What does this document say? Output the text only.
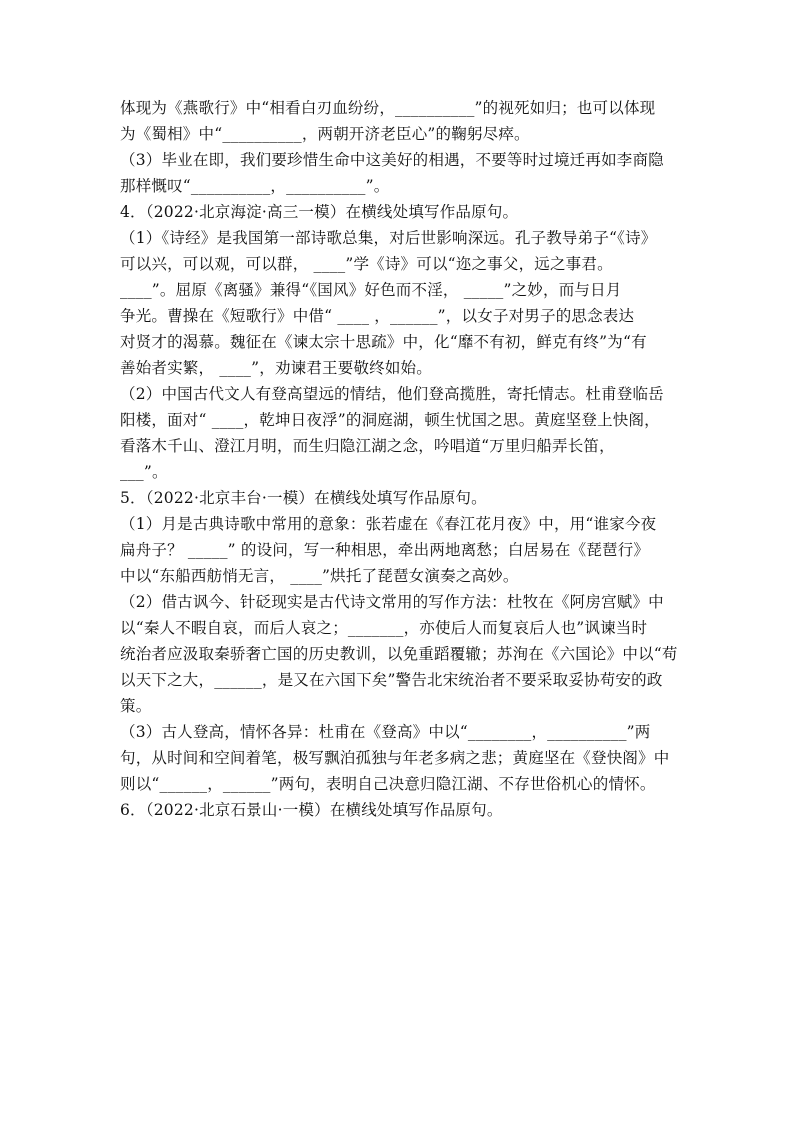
体现为《燕歌行》中“相看白刃血纷纷，__________”的视死如归；也可以体现

为《蜀相》中“__________，两朝开济老臣心”的鞠躬尽瘁。

（3）毕业在即，我们要珍惜生命中这美好的相遇，不要等时过境迁再如李商隐

那样慨叹“__________，__________”。

4．（2022·北京海淀·高三一模）在横线处填写作品原句。

（1）《诗经》是我国第一部诗歌总集，对后世影响深远。孔子教导弟子“《诗》

可以兴，可以观，可以群， ____”学《诗》可以“迩之事父，远之事君。

____”。屈原《离骚》兼得“《国风》好色而不淫， _____”之妙，而与日月

争光。曹操在《短歌行》中借“ ____ ，______”，以女子对男子的思念表达

对贤才的渴慕。魏征在《谏太宗十思疏》中，化“靡不有初，鲜克有终”为“有

善始者实繁， ____”，劝谏君王要敬终如始。

（2）中国古代文人有登高望远的情结，他们登高揽胜，寄托情志。杜甫登临岳

阳楼，面对“ ____，乾坤日夜浮”的洞庭湖，顿生忧国之思。黄庭坚登上快阁，

看落木千山、澄江月明，而生归隐江湖之念，吟唱道“万里归船弄长笛，

___”。

5．（2022·北京丰台·一模）在横线处填写作品原句。

（1）月是古典诗歌中常用的意象：张若虚在《春江花月夜》中，用“谁家今夜

扁舟子？ _____” 的设问，写一种相思，牵出两地离愁；白居易在《琵琶行》

中以“东船西舫悄无言， ____”烘托了琵琶女演奏之高妙。

（2）借古讽今、针砭现实是古代诗文常用的写作方法：杜牧在《阿房宫赋》中

以“秦人不暇自哀，而后人哀之；_______，亦使后人而复哀后人也”讽谏当时

统治者应汲取秦骄奢亡国的历史教训，以免重蹈覆辙；苏洵在《六国论》中以“苟

以天下之大，______，是又在六国下矣”警告北宋统治者不要采取妥协苟安的政

策。

（3）古人登高，情怀各异：杜甫在《登高》中以“________，__________”两

句，从时间和空间着笔，极写飘泊孤独与年老多病之悲；黄庭坚在《登快阁》中

则以“______，______”两句，表明自己决意归隐江湖、不存世俗机心的情怀。

6．（2022·北京石景山·一模）在横线处填写作品原句。
